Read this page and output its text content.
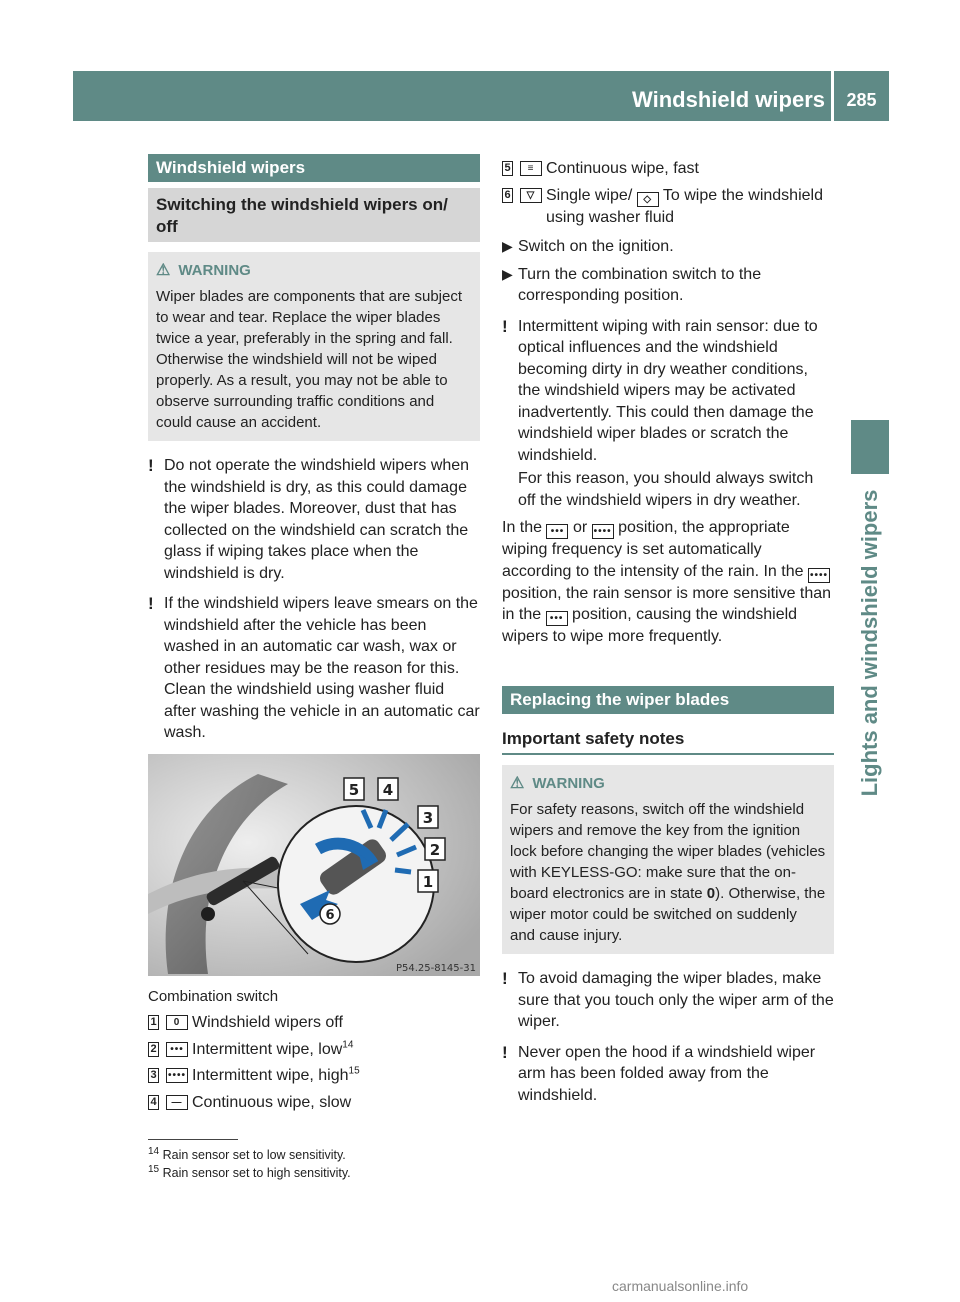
Windshield wipers	285
Lights and windshield wipers
Windshield wipers
Switching the windshield wipers on/ off
⚠ WARNING
Wiper blades are components that are subject to wear and tear. Replace the wiper blades twice a year, preferably in the spring and fall. Otherwise the windshield will not be wiped properly. As a result, you may not be able to observe surrounding traffic conditions and could cause an accident.
! Do not operate the windshield wipers when the windshield is dry, as this could damage the wiper blades. Moreover, dust that has collected on the windshield can scratch the glass if wiping takes place when the windshield is dry.
! If the windshield wipers leave smears on the windshield after the vehicle has been washed in an automatic car wash, wax or other residues may be the reason for this. Clean the windshield using washer fluid after washing the vehicle in an automatic car wash.
5 4
3
2
1
6
P54.25-8145-31
Combination switch
1	0 Windshield wipers off
2	••• Intermittent wipe, low$^{14}$
3 •••• Intermittent wipe, high$^{15}$
4	— Continuous wipe, slow
5	≡ Continuous wipe, fast
6	▽ Single wipe/ ◇ To wipe the windshield using washer fluid
▶ Switch on the ignition.
▶ Turn the combination switch to the corresponding position.
! Intermittent wiping with rain sensor: due to optical influences and the windshield becoming dirty in dry weather conditions, the windshield wipers may be activated inadvertently. This could then damage the windshield wiper blades or scratch the windshield.
For this reason, you should always switch off the windshield wipers in dry weather.
In the ••• or •••• position, the appropriate wiping frequency is set automatically according to the intensity of the rain. In the •••• position, the rain sensor is more sensitive than in the ••• position, causing the windshield wipers to wipe more frequently.
Replacing the wiper blades
Important safety notes
⚠ WARNING
For safety reasons, switch off the windshield wipers and remove the key from the ignition lock before changing the wiper blades (vehicles with KEYLESS-GO: make sure that the on-board electronics are in state 0). Otherwise, the wiper motor could be switched on suddenly and cause injury.
! To avoid damaging the wiper blades, make sure that you touch only the wiper arm of the wiper.
! Never open the hood if a windshield wiper arm has been folded away from the windshield.
$^{14}$ Rain sensor set to low sensitivity.
$^{15}$ Rain sensor set to high sensitivity.
carmanualsonline.info
